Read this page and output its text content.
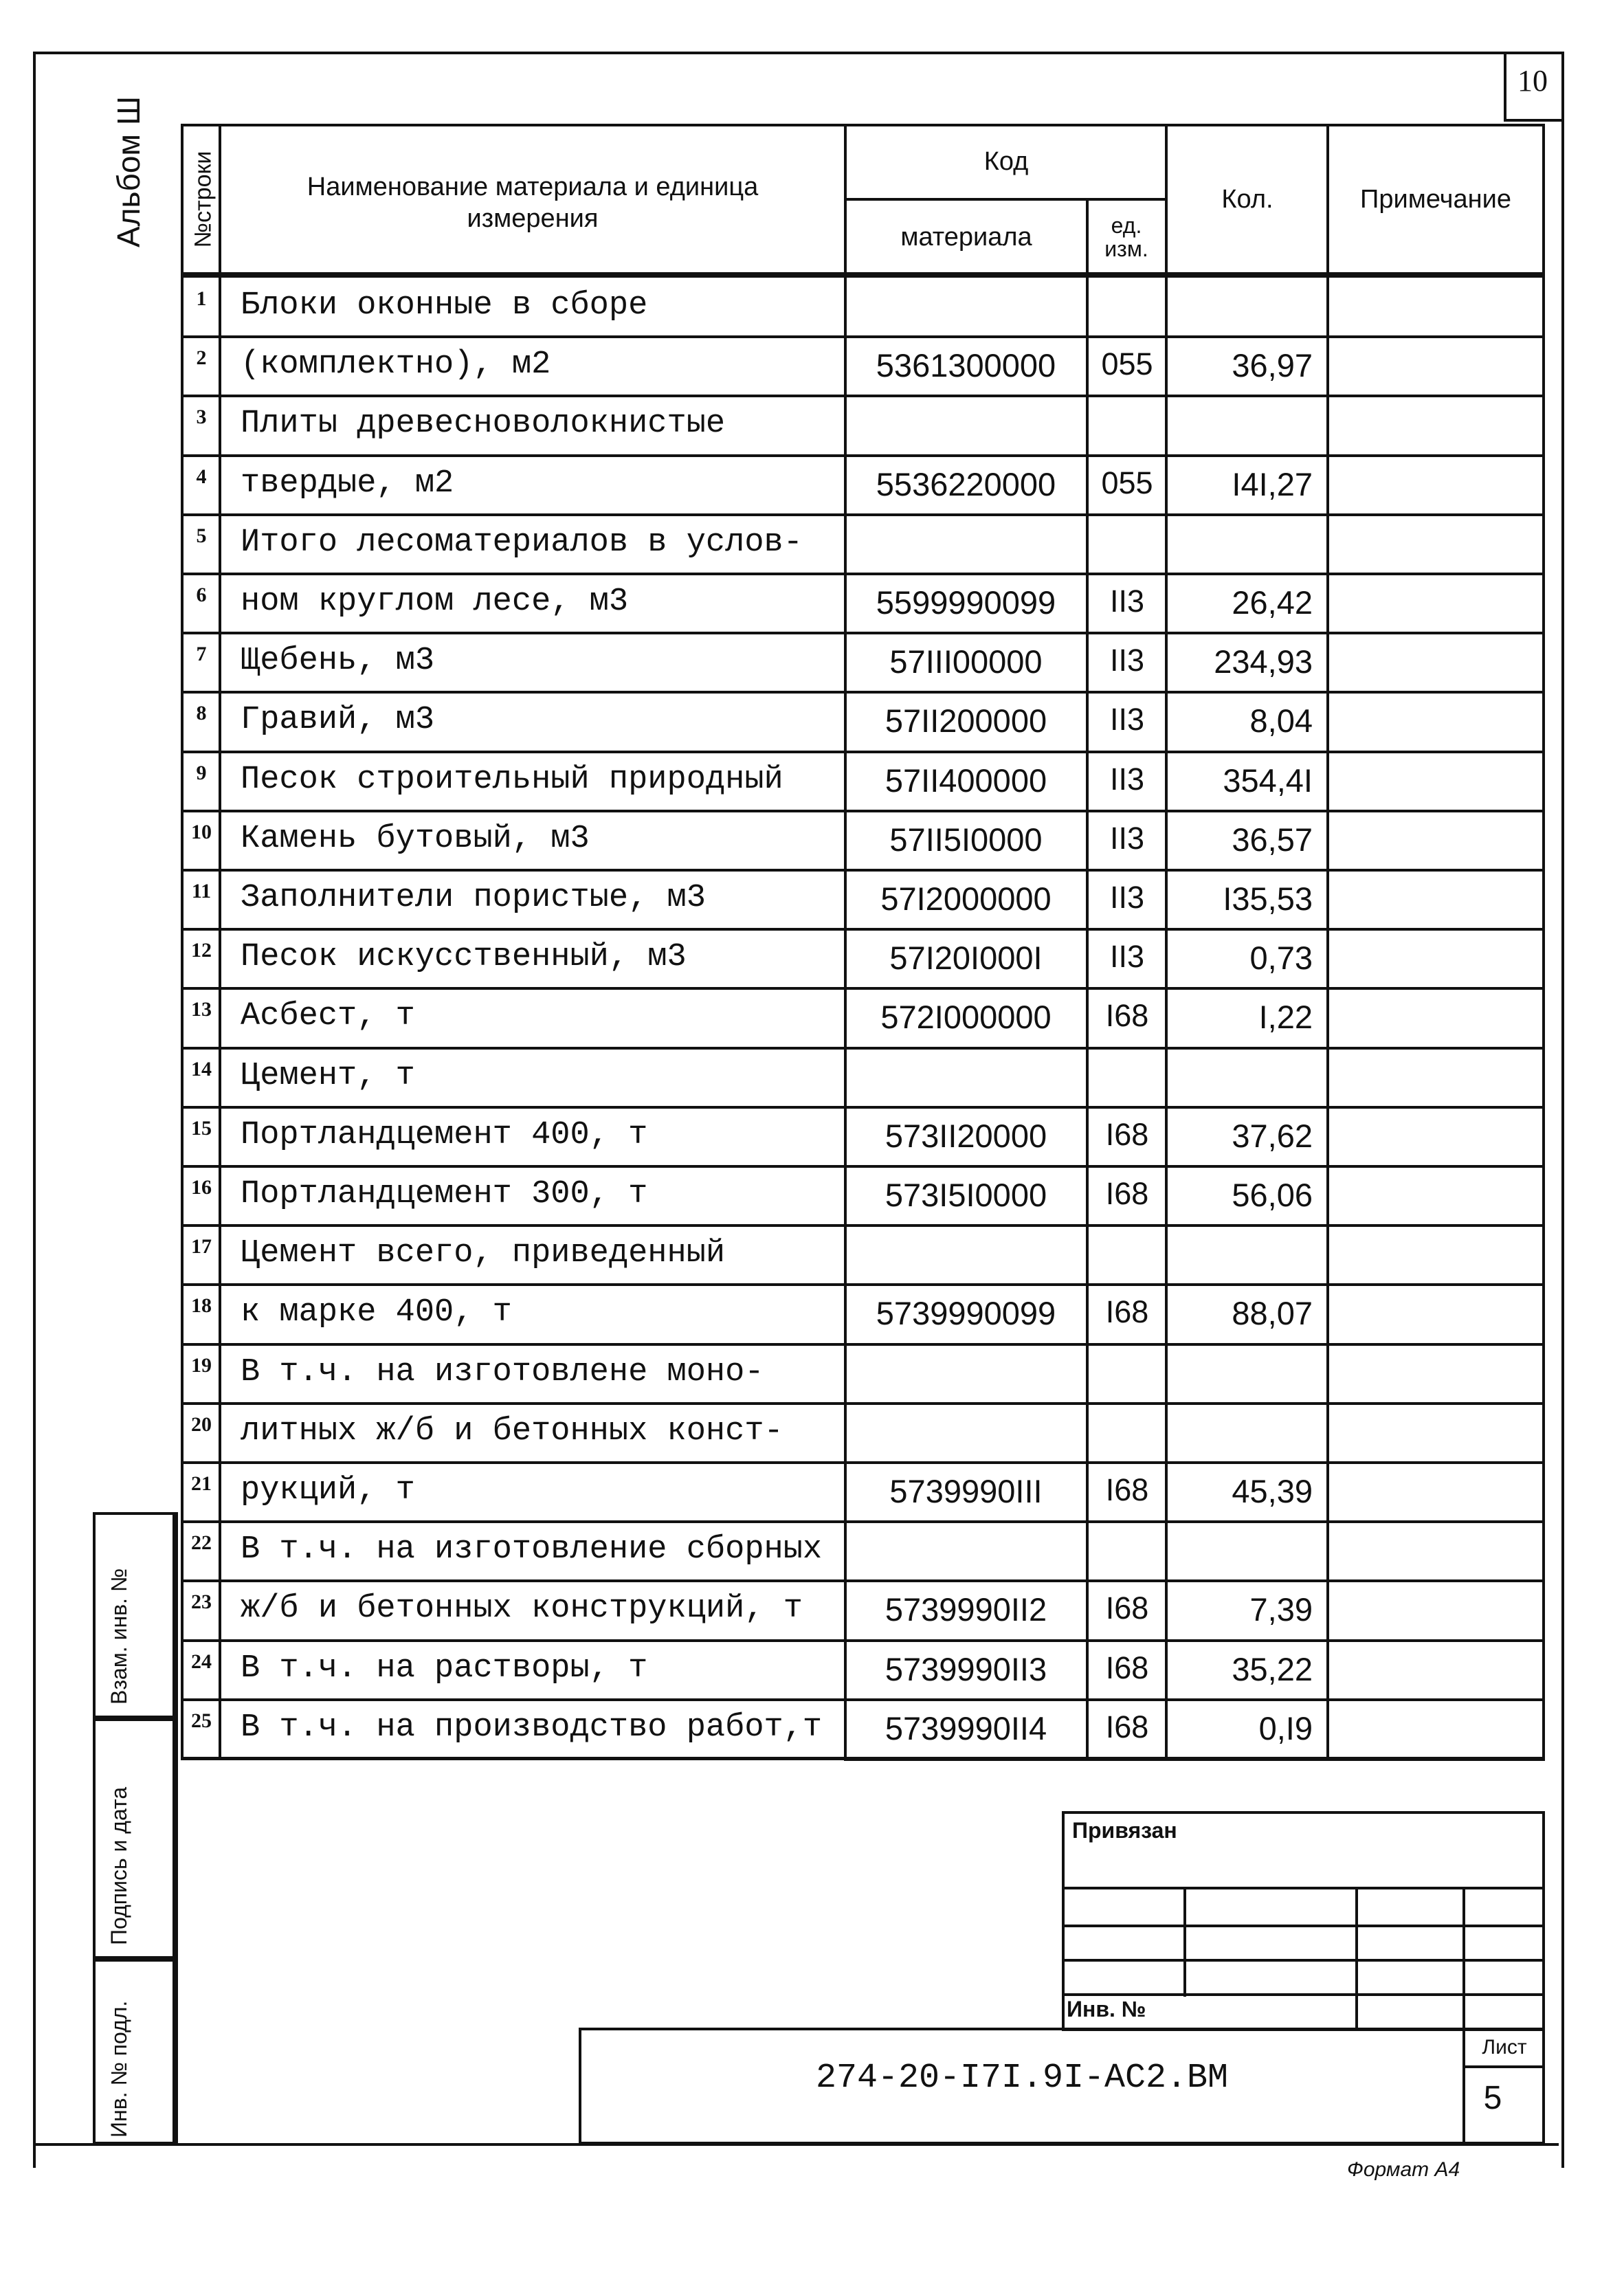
10
Альбом Ш №строки	Наименование материала и единица измерения
Код
материала	ед. изм.
Кол.	Примечание
1	Блоки оконные в сборе
2	(комплектно), м2	5361300000	055	36,97
3	Плиты древесноволокнистые
4	твердые, м2	5536220000	055	I4I,27
5	Итого лесоматериалов в услов-
6	ном круглом лесе, м3	5599990099	II3	26,42
7	Щебень, м3	57III00000	II3	234,93
8	Гравий, м3	57II200000	II3	8,04
9	Песок строительный природный	57II400000	II3	354,4I
10 Камень бутовый, м3	57II5I0000	II3	36,57
11 Заполнители пористые, м3	57I2000000	II3	I35,53
12 Песок искусственный, м3	57I20I000I	II3	0,73
13 Асбест, т	572I000000	I68	I,22
14 Цемент, т
15 Портландцемент 400, т	573II20000	I68	37,62
16 Портландцемент 300, т	573I5I0000	I68	56,06
17 Цемент всего, приведенный
18 к марке 400, т	5739990099	I68	88,07
19 В т.ч. на изготовлене моно-
20 литных ж/б и бетонных конст-
21 рукций, т	5739990III	I68	45,39
22 В т.ч. на изготовление сборных
23 ж/б и бетонных конструкций, т	5739990II2	I68	7,39
24 В т.ч. на растворы, т	5739990II3	I68	35,22
25 В т.ч. на производство работ,т	5739990II4	I68	0,I9
Взам. инв. №
Подпись и дата
Инв. № подл.
Привязан
Инв. №
274-20-I7I.9I-AC2.BM
Лист
5
Формат А4
